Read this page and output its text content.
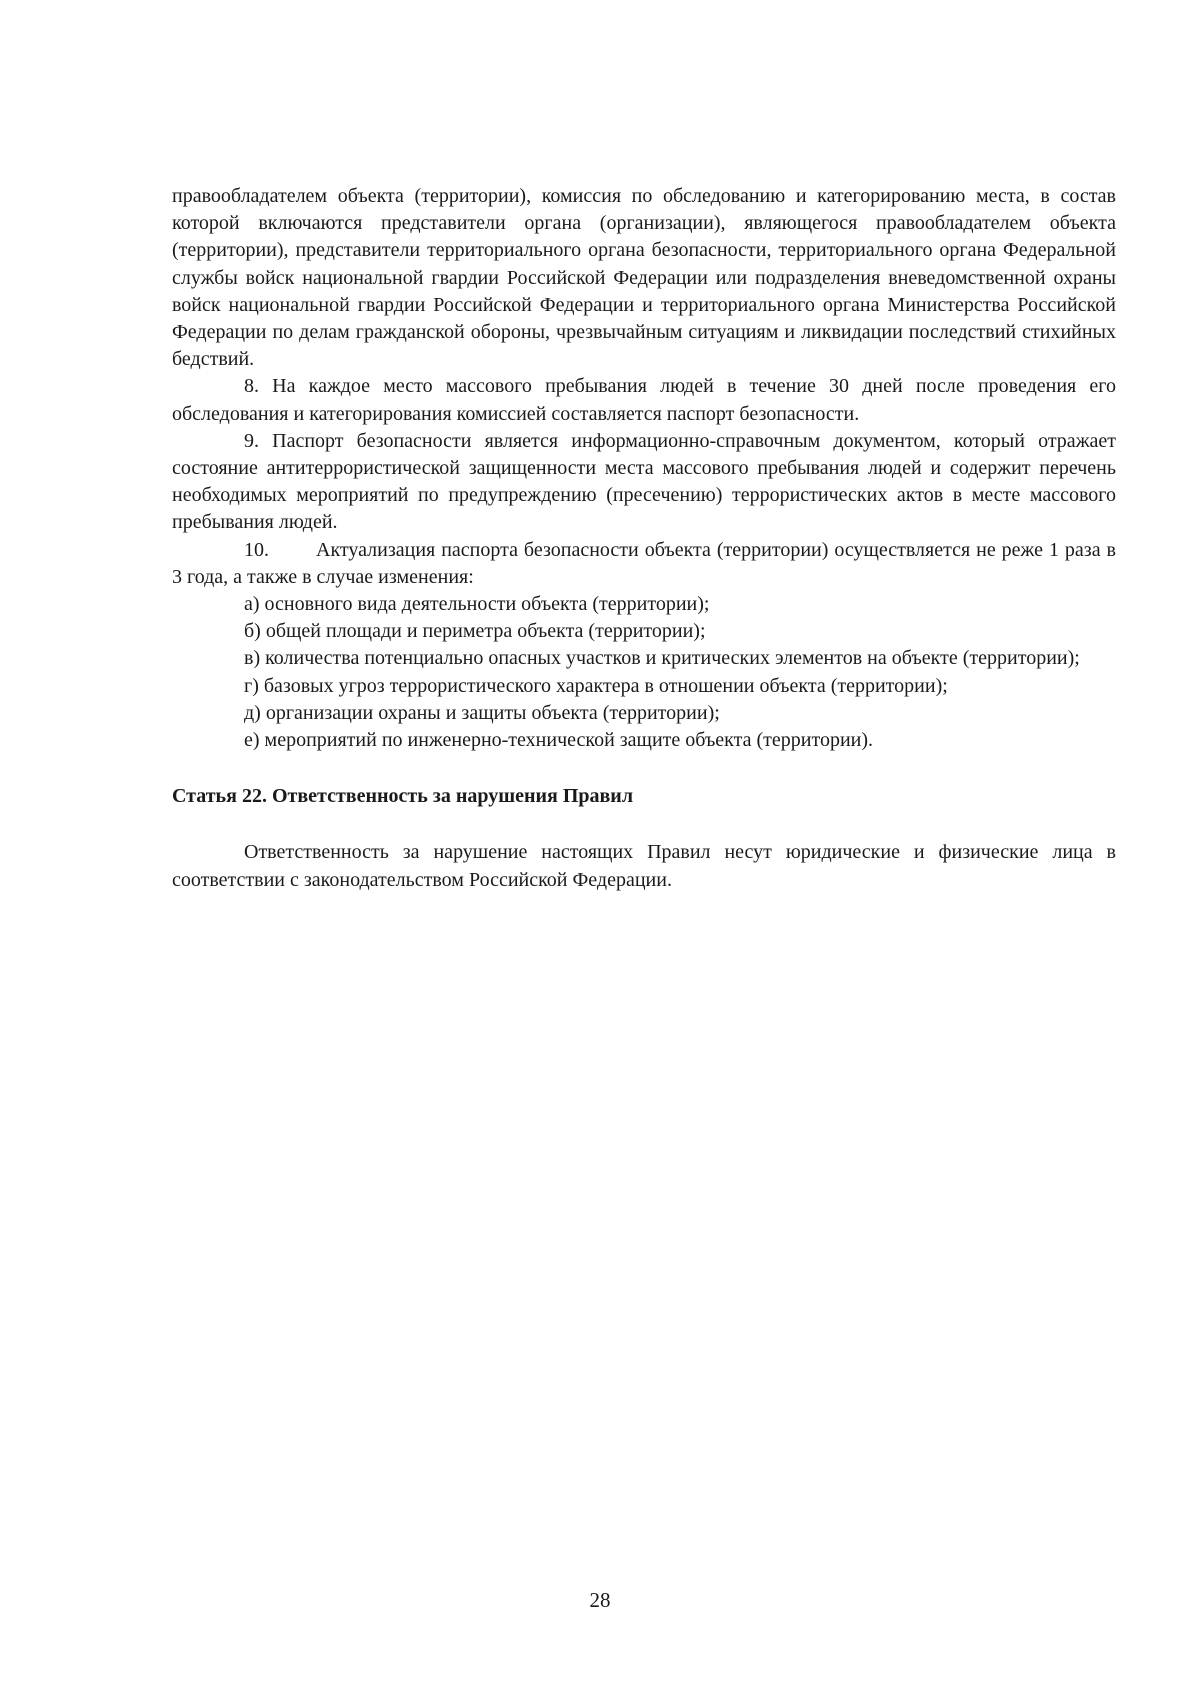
правообладателем объекта (территории), комиссия по обследованию и категорированию места, в состав которой включаются представители органа (организации), являющегося правообладателем объекта (территории), представители территориального органа безопасности, территориального органа Федеральной службы войск национальной гвардии Российской Федерации или подразделения вневедомственной охраны войск национальной гвардии Российской Федерации и территориального органа Министерства Российской Федерации по делам гражданской обороны, чрезвычайным ситуациям и ликвидации последствий стихийных бедствий.

8. На каждое место массового пребывания людей в течение 30 дней после проведения его обследования и категорирования комиссией составляется паспорт безопасности.

9. Паспорт безопасности является информационно-справочным документом, который отражает состояние антитеррористической защищенности места массового пребывания людей и содержит перечень необходимых мероприятий по предупреждению (пресечению) террористических актов в месте массового пребывания людей.

10. Актуализация паспорта безопасности объекта (территории) осуществляется не реже 1 раза в 3 года, а также в случае изменения:

а) основного вида деятельности объекта (территории);

б) общей площади и периметра объекта (территории);

в) количества потенциально опасных участков и критических элементов на объекте (территории);

г) базовых угроз террористического характера в отношении объекта (территории);

д) организации охраны и защиты объекта (территории);

е) мероприятий по инженерно-технической защите объекта (территории).

Статья 22. Ответственность за нарушения Правил

Ответственность за нарушение настоящих Правил несут юридические и физические лица в соответствии с законодательством Российской Федерации.

28
